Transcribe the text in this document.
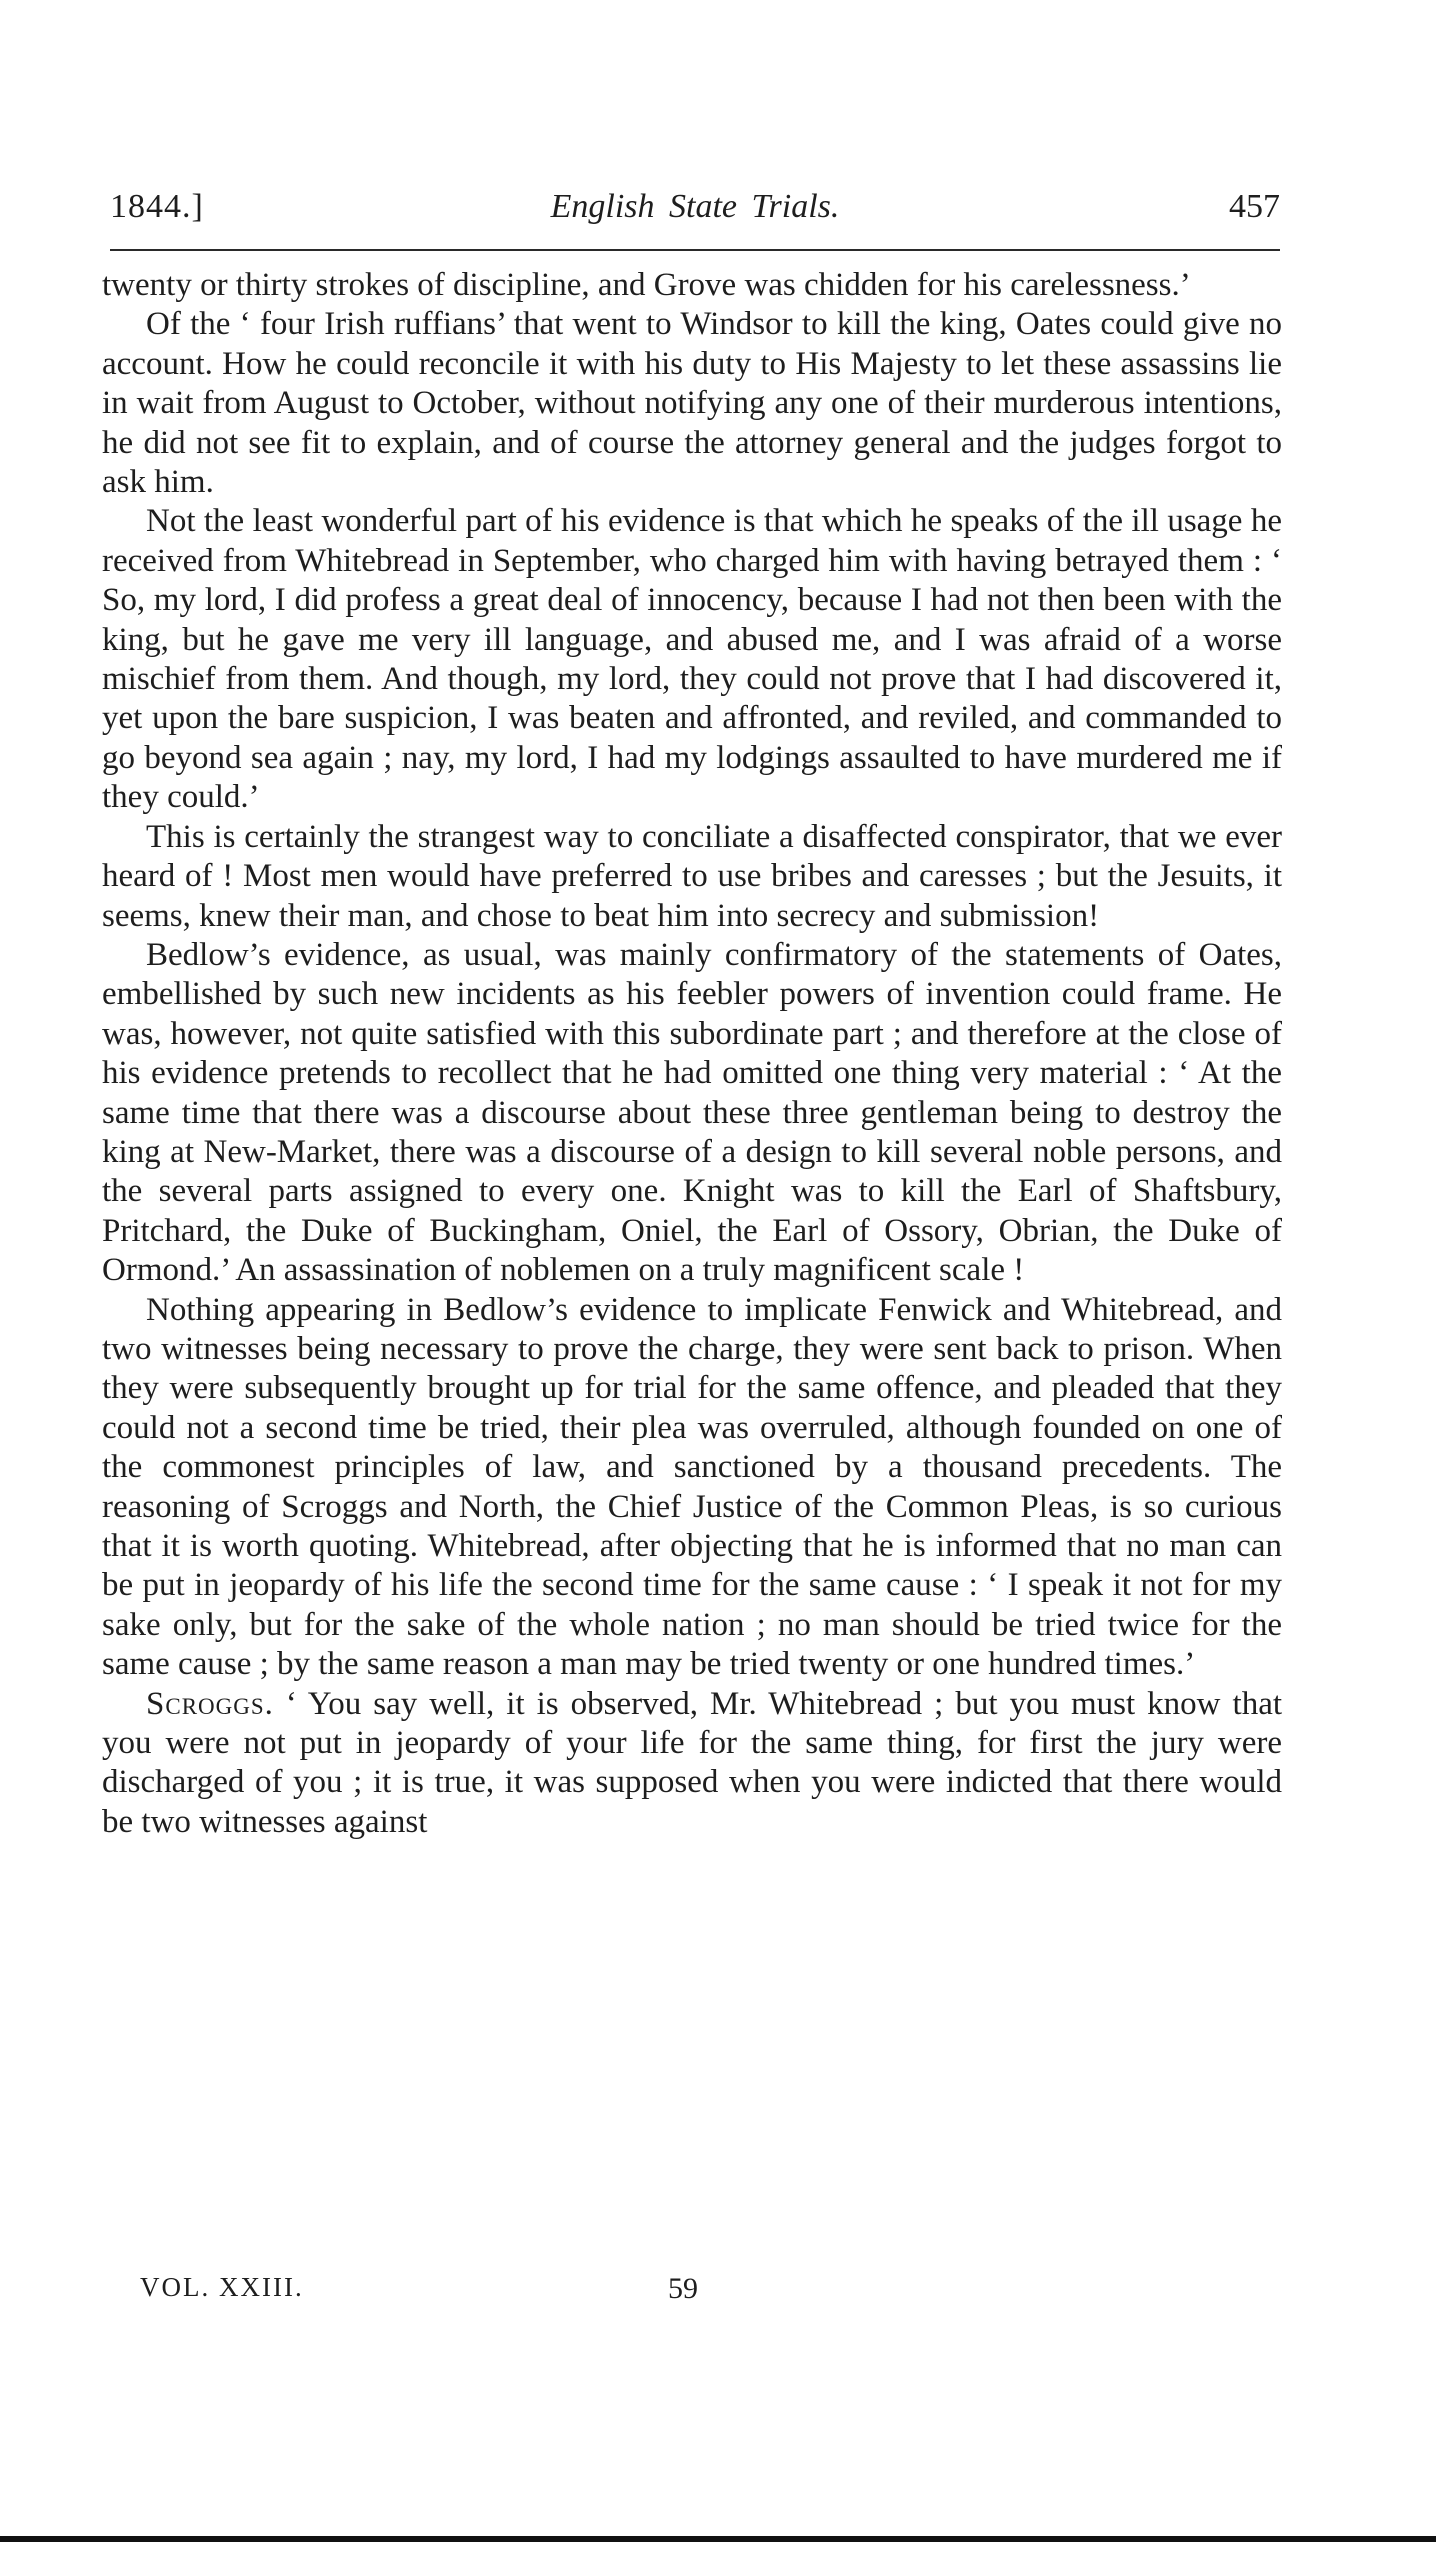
1844.]	English State Trials.	457

twenty or thirty strokes of discipline, and Grove was chidden for his carelessness.’

Of the ‘ four Irish ruffians’ that went to Windsor to kill the king, Oates could give no account. How he could reconcile it with his duty to His Majesty to let these assassins lie in wait from August to October, without notifying any one of their murderous intentions, he did not see fit to explain, and of course the attorney general and the judges forgot to ask him.

Not the least wonderful part of his evidence is that which he speaks of the ill usage he received from Whitebread in September, who charged him with having betrayed them : ‘ So, my lord, I did profess a great deal of innocency, because I had not then been with the king, but he gave me very ill language, and abused me, and I was afraid of a worse mischief from them. And though, my lord, they could not prove that I had discovered it, yet upon the bare suspicion, I was beaten and affronted, and reviled, and commanded to go beyond sea again ; nay, my lord, I had my lodgings assaulted to have murdered me if they could.’

This is certainly the strangest way to conciliate a disaffected conspirator, that we ever heard of ! Most men would have preferred to use bribes and caresses ; but the Jesuits, it seems, knew their man, and chose to beat him into secrecy and submission!

Bedlow’s evidence, as usual, was mainly confirmatory of the statements of Oates, embellished by such new incidents as his feebler powers of invention could frame. He was, however, not quite satisfied with this subordinate part ; and therefore at the close of his evidence pretends to recollect that he had omitted one thing very material : ‘ At the same time that there was a discourse about these three gentleman being to destroy the king at New-Market, there was a discourse of a design to kill several noble persons, and the several parts assigned to every one. Knight was to kill the Earl of Shaftsbury, Pritchard, the Duke of Buckingham, Oniel, the Earl of Ossory, Obrian, the Duke of Ormond.’ An assassination of noblemen on a truly magnificent scale !

Nothing appearing in Bedlow’s evidence to implicate Fenwick and Whitebread, and two witnesses being necessary to prove the charge, they were sent back to prison. When they were subsequently brought up for trial for the same offence, and pleaded that they could not a second time be tried, their plea was overruled, although founded on one of the commonest principles of law, and sanctioned by a thousand precedents. The reasoning of Scroggs and North, the Chief Justice of the Common Pleas, is so curious that it is worth quoting. Whitebread, after objecting that he is informed that no man can be put in jeopardy of his life the second time for the same cause : ‘ I speak it not for my sake only, but for the sake of the whole nation ; no man should be tried twice for the same cause ; by the same reason a man may be tried twenty or one hundred times.’

Scroggs. ‘ You say well, it is observed, Mr. Whitebread ; but you must know that you were not put in jeopardy of your life for the same thing, for first the jury were discharged of you ; it is true, it was supposed when you were indicted that there would be two witnesses against

VOL. XXIII.	59
